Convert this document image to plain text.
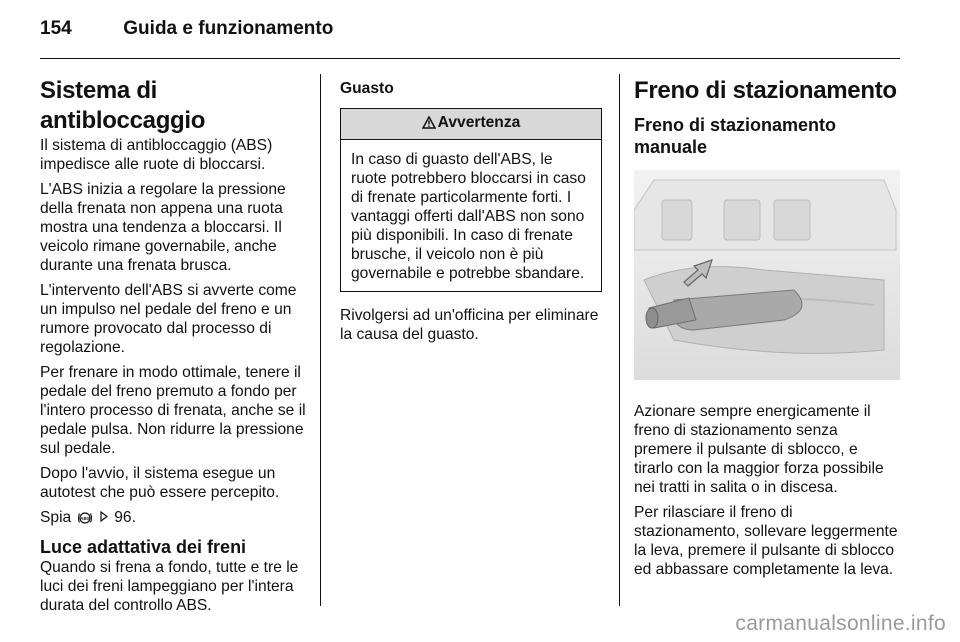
154	Guida e funzionamento
Sistema di antibloccaggio

Il sistema di antibloccaggio (ABS) impedisce alle ruote di bloccarsi.

L'ABS inizia a regolare la pressione della frenata non appena una ruota mostra una tendenza a bloccarsi. Il veicolo rimane governabile, anche durante una frenata brusca.

L'intervento dell'ABS si avverte come un impulso nel pedale del freno e un rumore provocato dal processo di regolazione.

Per frenare in modo ottimale, tenere il pedale del freno premuto a fondo per l'intero processo di frenata, anche se il pedale pulsa. Non ridurre la pressione sul pedale.

Dopo l'avvio, il sistema esegue un autotest che può essere percepito.

Spia ABS 96.

Luce adattativa dei freni

Quando si frena a fondo, tutte e tre le luci dei freni lampeggiano per l'intera durata del controllo ABS.

Guasto
Avvertenza
In caso di guasto dell'ABS, le ruote potrebbero bloccarsi in caso di frenate particolarmente forti. I vantaggi offerti dall'ABS non sono più disponibili. In caso di frenate brusche, il veicolo non è più governabile e potrebbe sbandare.

Rivolgersi ad un'officina per eliminare la causa del guasto.

Freno di stazionamento
Freno di stazionamento manuale

Azionare sempre energicamente il freno di stazionamento senza premere il pulsante di sblocco, e tirarlo con la maggior forza possibile nei tratti in salita o in discesa.

Per rilasciare il freno di stazionamento, sollevare leggermente la leva, premere il pulsante di sblocco ed abbassare completamente la leva.

carmanualsonline.info
